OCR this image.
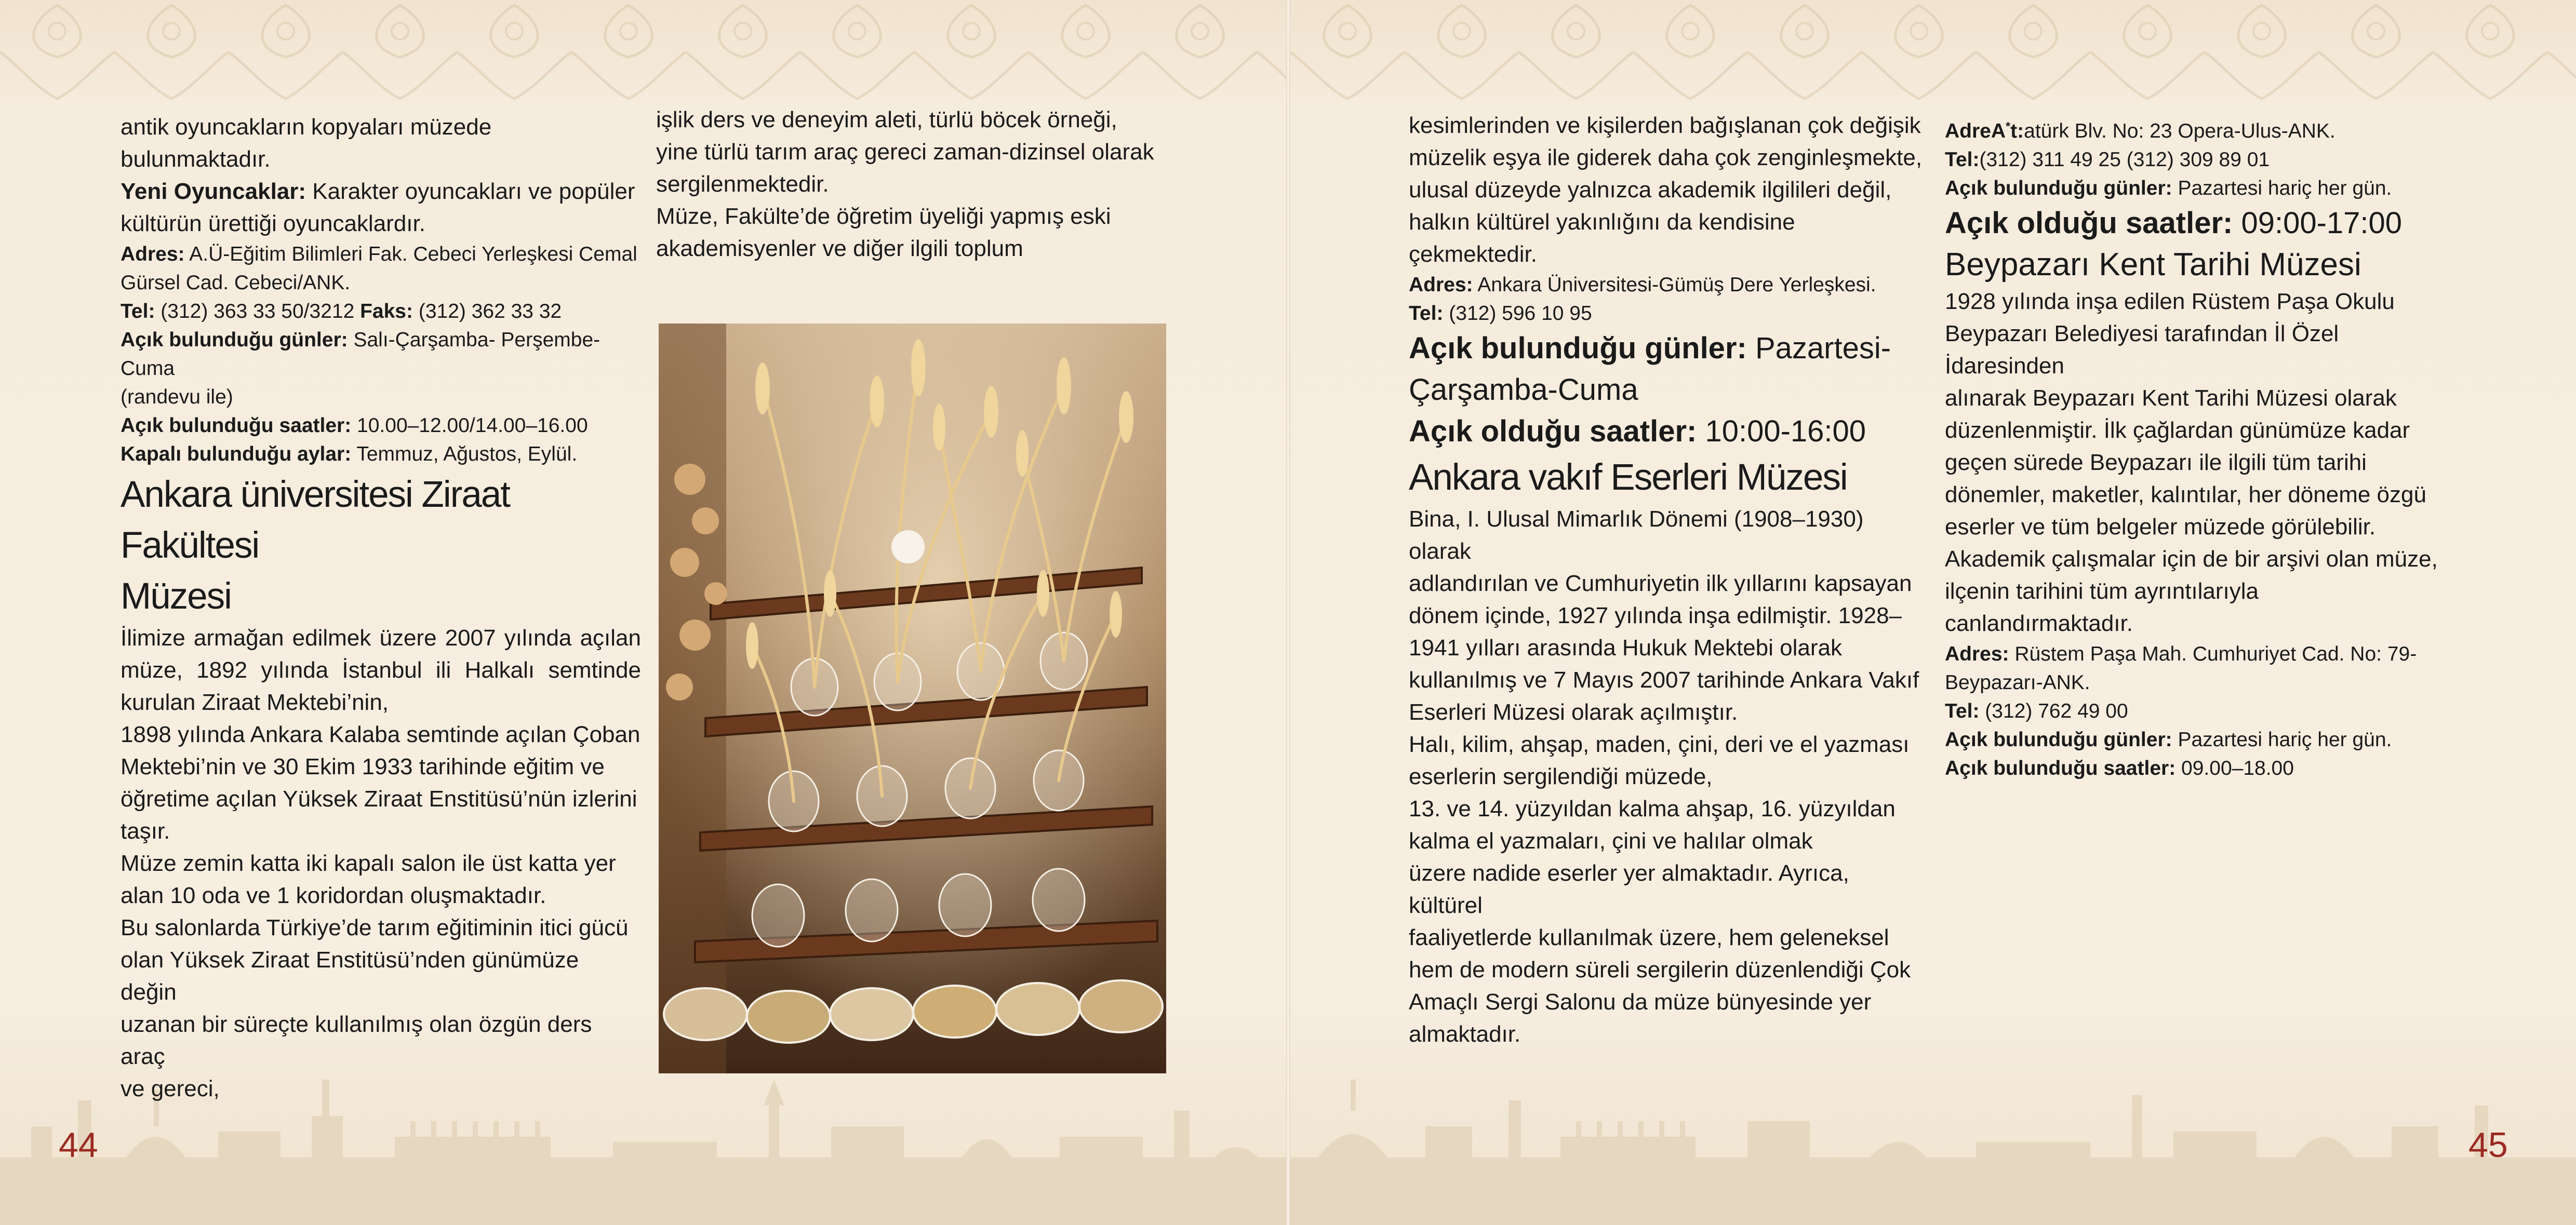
44	45

antik oyuncakların kopyaları müzede

bulunmaktadır.

Yeni Oyuncaklar: Karakter oyuncakları ve popüler

kültürün ürettiği oyuncaklardır.

Adres: A.Ü-Eğitim Bilimleri Fak. Cebeci Yerleşkesi Cemal

Gürsel Cad. Cebeci/ANK.

Tel: (312) 363 33 50/3212 Faks: (312) 362 33 32

Açık bulunduğu günler: Salı-Çarşamba- Perşembe- Cuma

(randevu ile)

Açık bulunduğu saatler: 10.00–12.00/14.00–16.00

Kapalı bulunduğu aylar: Temmuz, Ağustos, Eylül.

Ankara üniversitesi Ziraat Fakültesi

Müzesi

İlimize armağan edilmek üzere 2007 yılında açılan

müze, 1892 yılında İstanbul ili Halkalı semtinde

kurulan Ziraat Mektebi’nin,

1898 yılında Ankara Kalaba semtinde açılan Çoban

Mektebi’nin ve 30 Ekim 1933 tarihinde eğitim ve

öğretime açılan Yüksek Ziraat Enstitüsü’nün izlerini

taşır.

Müze zemin katta iki kapalı salon ile üst katta yer

alan 10 oda ve 1 koridordan oluşmaktadır.

Bu salonlarda Türkiye’de tarım eğitiminin itici gücü

olan Yüksek Ziraat Enstitüsü’nden günümüze değin

uzanan bir süreçte kullanılmış olan özgün ders araç

ve gereci,

işlik ders ve deneyim aleti, türlü böcek örneği,

yine türlü tarım araç gereci zaman-dizinsel olarak

sergilenmektedir.

Müze, Fakülte’de öğretim üyeliği yapmış eski

akademisyenler ve diğer ilgili toplum

kesimlerinden ve kişilerden bağışlanan çok değişik

müzelik eşya ile giderek daha çok zenginleşmekte,

ulusal düzeyde yalnızca akademik ilgilileri değil,

halkın kültürel yakınlığını da kendisine çekmektedir.

Adres: Ankara Üniversitesi-Gümüş Dere Yerleşkesi.

Tel: (312) 596 10 95

Açık bulunduğu günler: Pazartesi-

Çarşamba-Cuma

Açık olduğu saatler: 10:00-16:00

Ankara vakıf Eserleri Müzesi

Bina, I. Ulusal Mimarlık Dönemi (1908–1930) olarak

adlandırılan ve Cumhuriyetin ilk yıllarını kapsayan

dönem içinde, 1927 yılında inşa edilmiştir. 1928–

1941 yılları arasında Hukuk Mektebi olarak

kullanılmış ve 7 Mayıs 2007 tarihinde Ankara Vakıf

Eserleri Müzesi olarak açılmıştır.

Halı, kilim, ahşap, maden, çini, deri ve el yazması

eserlerin sergilendiği müzede,

13. ve 14. yüzyıldan kalma ahşap, 16. yüzyıldan

kalma el yazmaları, çini ve halılar olmak

üzere nadide eserler yer almaktadır. Ayrıca, kültürel

faaliyetlerde kullanılmak üzere, hem geleneksel

hem de modern süreli sergilerin düzenlendiği Çok

Amaçlı Sergi Salonu da müze bünyesinde yer

almaktadır.

AdreA*t:atürk Blv. No: 23 Opera-Ulus-ANK.

Tel:(312) 311 49 25 (312) 309 89 01

Açık bulunduğu günler: Pazartesi hariç her gün.

Açık olduğu saatler: 09:00-17:00

Beypazarı Kent Tarihi Müzesi

1928 yılında inşa edilen Rüstem Paşa Okulu

Beypazarı Belediyesi tarafından İl Özel İdaresinden

alınarak Beypazarı Kent Tarihi Müzesi olarak

düzenlenmiştir. İlk çağlardan günümüze kadar

geçen sürede Beypazarı ile ilgili tüm tarihi

dönemler, maketler, kalıntılar, her döneme özgü

eserler ve tüm belgeler müzede görülebilir.

Akademik çalışmalar için de bir arşivi olan müze,

ilçenin tarihini tüm ayrıntılarıyla

canlandırmaktadır.

Adres: Rüstem Paşa Mah. Cumhuriyet Cad. No: 79-

Beypazarı-ANK.

Tel: (312) 762 49 00

Açık bulunduğu günler: Pazartesi hariç her gün.

Açık bulunduğu saatler: 09.00–18.00
